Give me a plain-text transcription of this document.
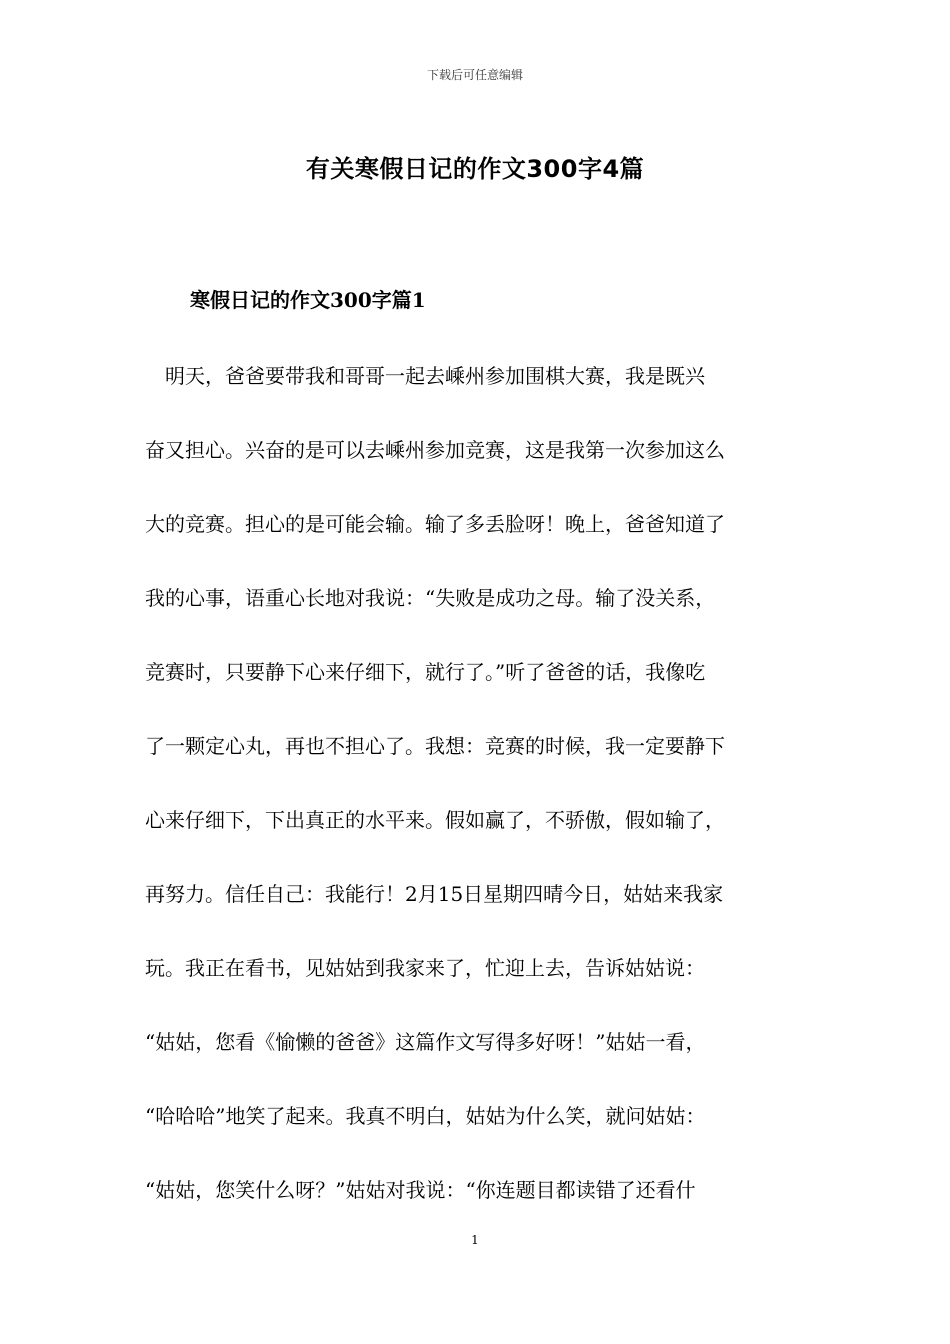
下载后可任意编辑
有关寒假日记的作文300字4篇
寒假日记的作文300字篇1
　明天，爸爸要带我和哥哥一起去嵊州参加围棋大赛，我是既兴
奋又担心。兴奋的是可以去嵊州参加竞赛，这是我第一次参加这么
大的竞赛。担心的是可能会输。输了多丢脸呀！晚上，爸爸知道了
我的心事，语重心长地对我说：“失败是成功之母。输了没关系，
竞赛时，只要静下心来仔细下，就行了。”听了爸爸的话，我像吃
了一颗定心丸，再也不担心了。我想：竞赛的时候，我一定要静下
心来仔细下，下出真正的水平来。假如赢了，不骄傲，假如输了，
再努力。信任自己：我能行！2月15日星期四晴今日，姑姑来我家
玩。我正在看书，见姑姑到我家来了，忙迎上去，告诉姑姑说：
“姑姑，您看《愉懒的爸爸》这篇作文写得多好呀！”姑姑一看，
“哈哈哈”地笑了起来。我真不明白，姑姑为什么笑，就问姑姑：
“姑姑，您笑什么呀？”姑姑对我说：“你连题目都读错了还看什
1
